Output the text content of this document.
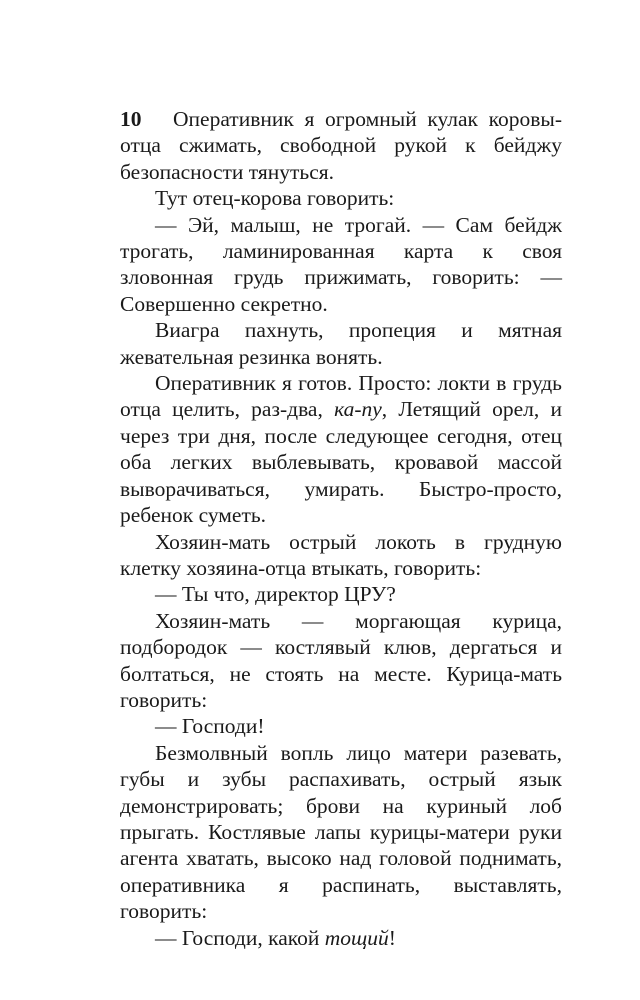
10 Оперативник я огромный кулак коровы-отца сжимать, свободной рукой к бейджу безопасности тянуться.

Тут отец-корова говорить:

— Эй, малыш, не трогай. — Сам бейдж трогать, ламинированная карта к своя зловонная грудь прижимать, говорить: — Совершенно секретно.

Виагра пахнуть, пропеция и мятная жевательная резинка вонять.

Оперативник я готов. Просто: локти в грудь отца целить, раз-два, ка-пу, Летящий орел, и через три дня, после следующее сегодня, отец оба легких выблевывать, кровавой массой выворачиваться, умирать. Быстро-просто, ребенок суметь.

Хозяин-мать острый локоть в грудную клетку хозяина-отца втыкать, говорить:

— Ты что, директор ЦРУ?

Хозяин-мать — моргающая курица, подбородок — костлявый клюв, дергаться и болтаться, не стоять на месте. Курица-мать говорить:

— Господи!

Безмолвный вопль лицо матери разевать, губы и зубы распахивать, острый язык демонстрировать; брови на куриный лоб прыгать. Костлявые лапы курицы-матери руки агента хватать, высоко над головой поднимать, оперативника я распинать, выставлять, говорить:

— Господи, какой тощий!
